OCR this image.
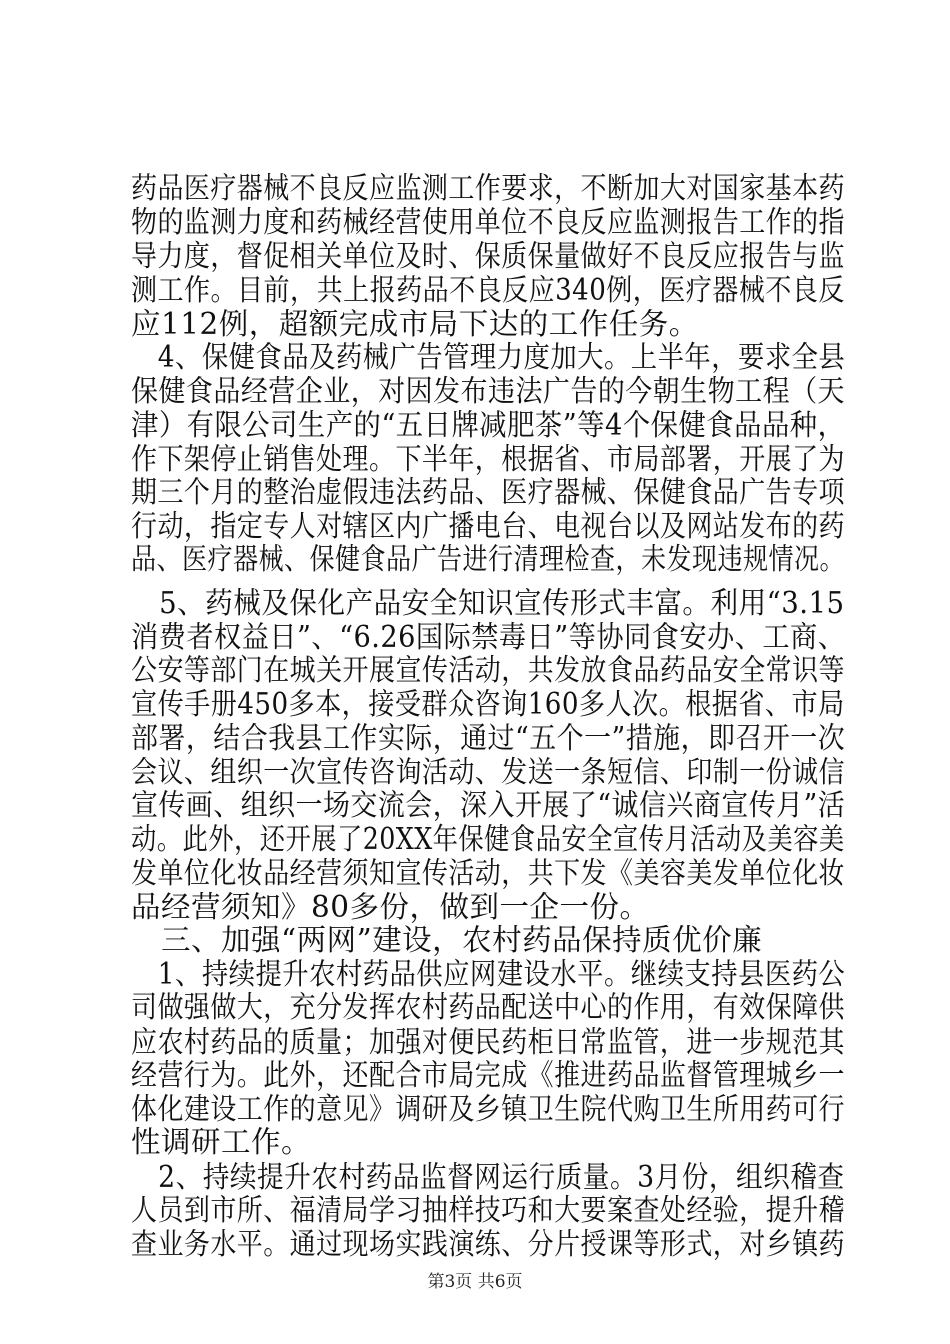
药品医疗器械不良反应监测工作要求，不断加大对国家基本药
物的监测力度和药械经营使用单位不良反应监测报告工作的指
导力度，督促相关单位及时、保质保量做好不良反应报告与监
测工作。目前，共上报药品不良反应340例，医疗器械不良反
应112例，超额完成市局下达的工作任务。
　4、保健食品及药械广告管理力度加大。上半年，要求全县
保健食品经营企业，对因发布违法广告的今朝生物工程（天
津）有限公司生产的“五日牌减肥茶”等4个保健食品品种，
作下架停止销售处理。下半年，根据省、市局部署，开展了为
期三个月的整治虚假违法药品、医疗器械、保健食品广告专项
行动，指定专人对辖区内广播电台、电视台以及网站发布的药
品、医疗器械、保健食品广告进行清理检查，未发现违规情况。
　5、药械及保化产品安全知识宣传形式丰富。利用“3.15
消费者权益日”、“6.26国际禁毒日”等协同食安办、工商、
公安等部门在城关开展宣传活动，共发放食品药品安全常识等
宣传手册450多本，接受群众咨询160多人次。根据省、市局
部署，结合我县工作实际，通过“五个一”措施，即召开一次
会议、组织一次宣传咨询活动、发送一条短信、印制一份诚信
宣传画、组织一场交流会，深入开展了“诚信兴商宣传月”活
动。此外，还开展了20XX年保健食品安全宣传月活动及美容美
发单位化妆品经营须知宣传活动，共下发《美容美发单位化妆
品经营须知》80多份，做到一企一份。
　三、加强“两网”建设，农村药品保持质优价廉
　1、持续提升农村药品供应网建设水平。继续支持县医药公
司做强做大，充分发挥农村药品配送中心的作用，有效保障供
应农村药品的质量；加强对便民药柜日常监管，进一步规范其
经营行为。此外，还配合市局完成《推进药品监督管理城乡一
体化建设工作的意见》调研及乡镇卫生院代购卫生所用药可行
性调研工作。
　2、持续提升农村药品监督网运行质量。3月份，组织稽查
人员到市所、福清局学习抽样技巧和大要案查处经验，提升稽
查业务水平。通过现场实践演练、分片授课等形式，对乡镇药
第3页 共6页
